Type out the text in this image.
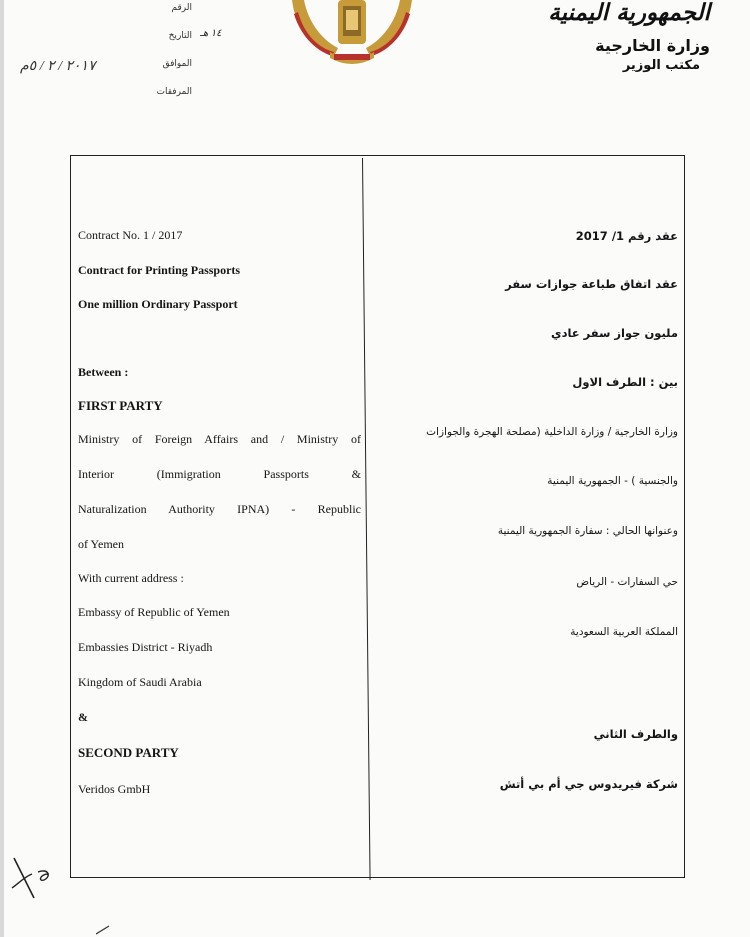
الرقم
التاريخ
الموافق
المرفقات
١٤ هـ
٢٠١٧ / ٢ / ٥م
الجمهورية اليمنية
وزارة الخارجية
مكتب الوزير
Contract No. 1 / 2017
Contract for Printing Passports
One million Ordinary Passport
Between :
FIRST PARTY
Ministry of Foreign Affairs and / Ministry of
Interior (Immigration Passports &
Naturalization Authority IPNA) - Republic
of Yemen
With current address :
Embassy of Republic of Yemen
Embassies District - Riyadh
Kingdom of Saudi Arabia
&
SECOND PARTY
Veridos GmbH
عقد رقم 1/ 2017
عقد اتفاق طباعة جوازات سفر
مليون جواز سفر عادي
بين : الطرف الاول
وزارة الخارجية / وزارة الداخلية (مصلحة الهجرة والجوازات
والجنسية ) - الجمهورية اليمنية
وعنوانها الحالي : سفارة الجمهورية اليمنية
حي السفارات - الرياض
المملكة العربية السعودية
والطرف الثاني
شركة فيريدوس جي أم بي أتش
